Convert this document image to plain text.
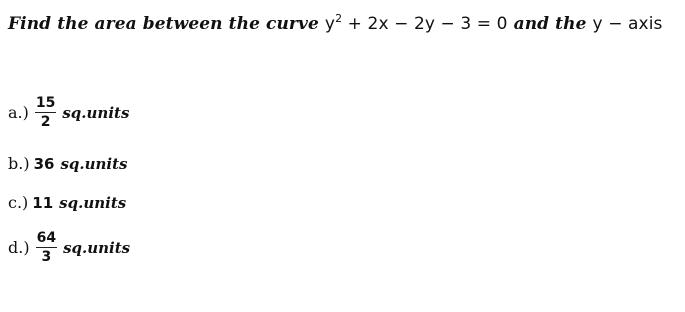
Find the area between the curve $y^2 + 2x - 2y - 3 = 0$ and the y − axis
$a.) \frac{15}{2}$ sq.units
b.) 36 sq.units
c.) 11 sq.units
$d.) \frac{64}{3}$ sq.units
